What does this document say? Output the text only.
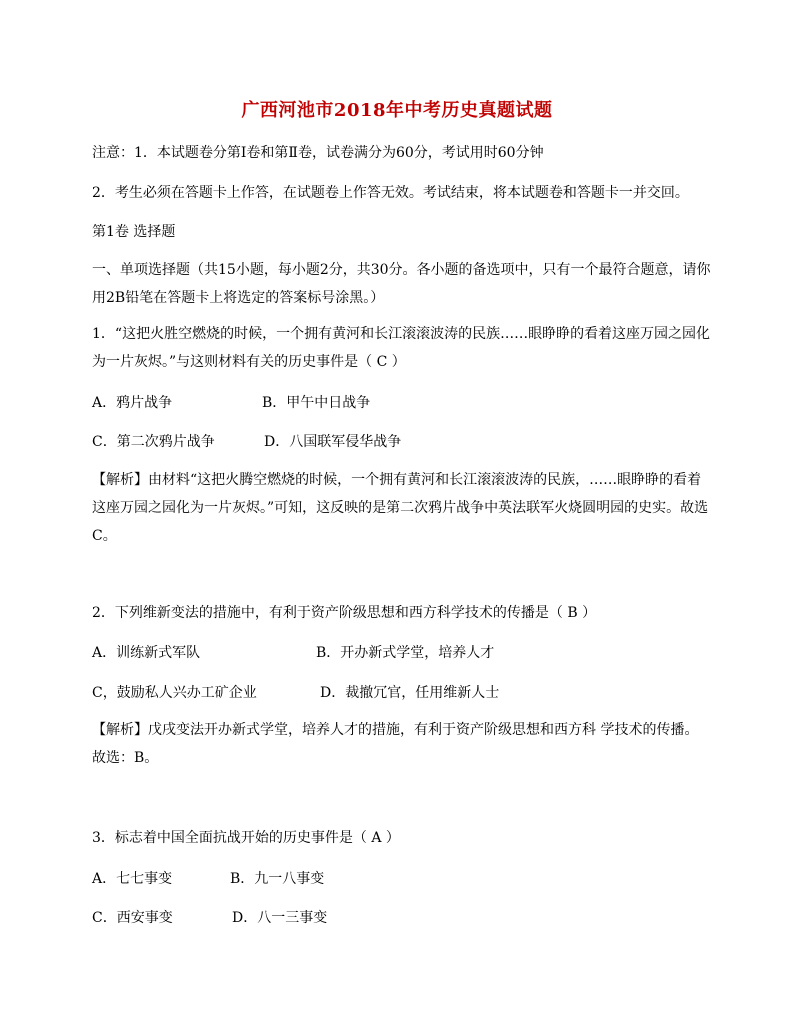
广西河池市2018年中考历史真题试题
注意：1．本试题卷分第Ⅰ卷和第Ⅱ卷，试卷满分为60分，考试用时60分钟
2．考生必须在答题卡上作答，在试题卷上作答无效。考试结束，将本试题卷和答题卡一并交回。
第1卷 选择题
一、单项选择题（共15小题，每小题2分，共30分。各小题的备选项中，只有一个最符合题意，请你用2B铅笔在答题卡上将选定的答案标号涂黑。）
1．“这把火胜空燃烧的时候，一个拥有黄河和长江滚滚波涛的民族……眼睁睁的看着这座万园之园化为一片灰烬。”与这则材料有关的历史事件是（ C ）
A．鸦片战争	B．甲午中日战争
C．第二次鸦片战争	D．八国联军侵华战争
【解析】由材料“这把火腾空燃烧的时候，一个拥有黄河和长江滚滚波涛的民族，……眼睁睁的看着这座万园之园化为一片灰烬。”可知，这反映的是第二次鸦片战争中英法联军火烧圆明园的史实。故选C。
2．下列维新变法的措施中，有利于资产阶级思想和西方科学技术的传播是（ B ）
A．训练新式军队	B．开办新式学堂，培养人才
C，鼓励私人兴办工矿企业	D．裁撤冗官，任用维新人士
【解析】戊戌变法开办新式学堂，培养人才的措施，有利于资产阶级思想和西方科 学技术的传播。故选：B。
3．标志着中国全面抗战开始的历史事件是（ A ）
A．七七事变	B．九一八事变
C．西安事变	D．八一三事变
